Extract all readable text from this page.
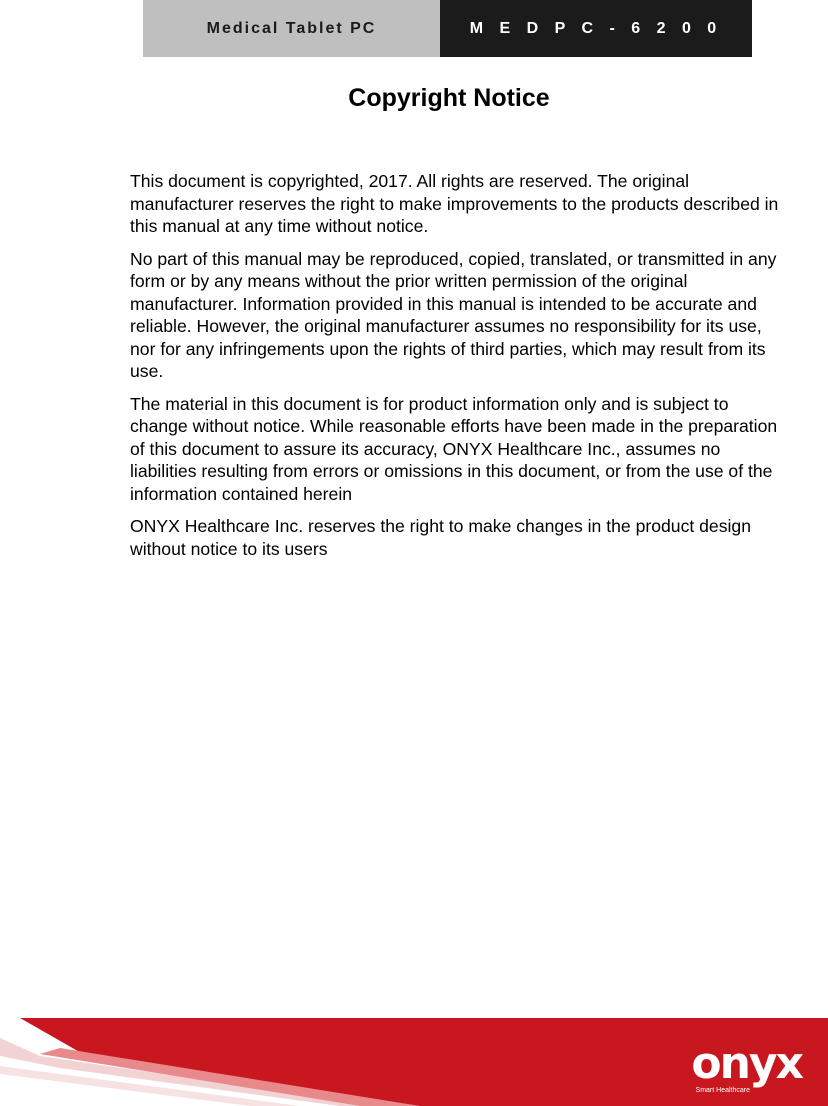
Medical Tablet PC	M E D P C - 6 2 0 0
Copyright Notice

This document is copyrighted, 2017. All rights are reserved. The original manufacturer reserves the right to make improvements to the products described in this manual at any time without notice.

No part of this manual may be reproduced, copied, translated, or transmitted in any form or by any means without the prior written permission of the original manufacturer. Information provided in this manual is intended to be accurate and reliable. However, the original manufacturer assumes no responsibility for its use, nor for any infringements upon the rights of third parties, which may result from its use.

The material in this document is for product information only and is subject to change without notice. While reasonable efforts have been made in the preparation of this document to assure its accuracy, ONYX Healthcare Inc., assumes no liabilities resulting from errors or omissions in this document, or from the use of the information contained herein

ONYX Healthcare Inc. reserves the right to make changes in the product design without notice to its users

onyx
Smart Healthcare
